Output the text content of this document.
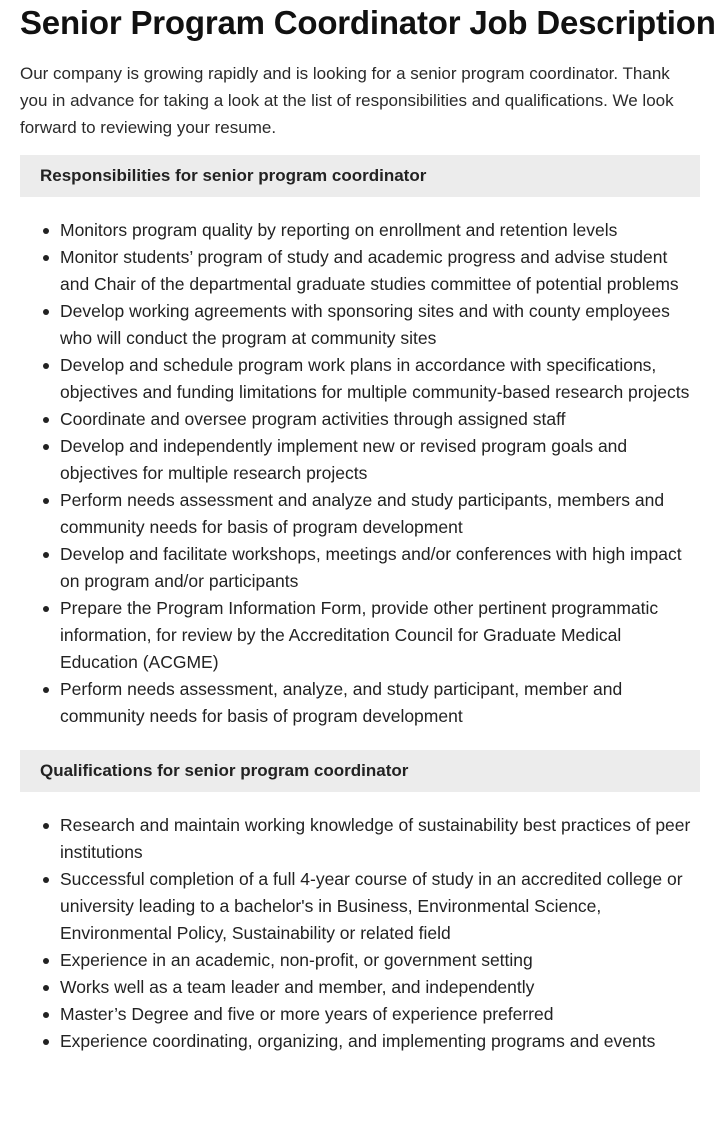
Senior Program Coordinator Job Description

Our company is growing rapidly and is looking for a senior program coordinator. Thank you in advance for taking a look at the list of responsibilities and qualifications. We look forward to reviewing your resume.

Responsibilities for senior program coordinator
Monitors program quality by reporting on enrollment and retention levels
Monitor students’ program of study and academic progress and advise student and Chair of the departmental graduate studies committee of potential problems
Develop working agreements with sponsoring sites and with county employees who will conduct the program at community sites
Develop and schedule program work plans in accordance with specifications, objectives and funding limitations for multiple community-based research projects
Coordinate and oversee program activities through assigned staff
Develop and independently implement new or revised program goals and objectives for multiple research projects
Perform needs assessment and analyze and study participants, members and community needs for basis of program development
Develop and facilitate workshops, meetings and/or conferences with high impact on program and/or participants
Prepare the Program Information Form, provide other pertinent programmatic information, for review by the Accreditation Council for Graduate Medical Education (ACGME)
Perform needs assessment, analyze, and study participant, member and community needs for basis of program development
Qualifications for senior program coordinator
Research and maintain working knowledge of sustainability best practices of peer institutions
Successful completion of a full 4-year course of study in an accredited college or university leading to a bachelor's in Business, Environmental Science, Environmental Policy, Sustainability or related field
Experience in an academic, non-profit, or government setting
Works well as a team leader and member, and independently
Master’s Degree and five or more years of experience preferred
Experience coordinating, organizing, and implementing programs and events
